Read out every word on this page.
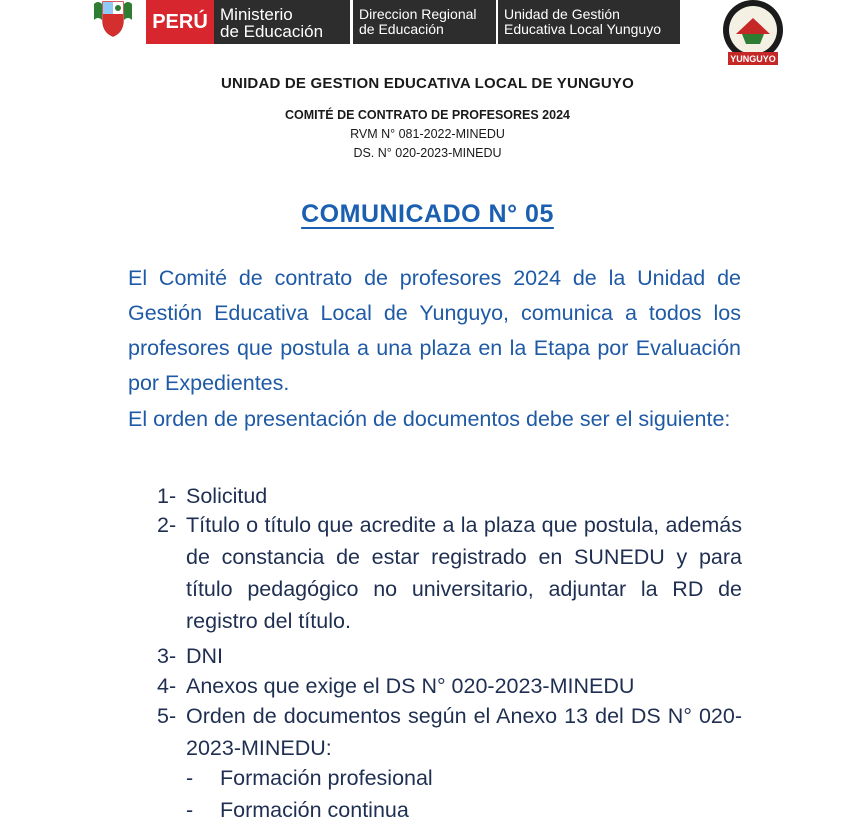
PERÚ Ministerio
de Educación
Direccion Regional
de Educación
Unidad de Gestión
Educativa Local Yunguyo
YUNGUYO
UNIDAD DE GESTION EDUCATIVA LOCAL DE YUNGUYO
COMITÉ DE CONTRATO DE PROFESORES 2024
RVM N° 081-2022-MINEDU
DS. N° 020-2023-MINEDU
COMUNICADO N° 05
El Comité de contrato de profesores 2024 de la Unidad de Gestión Educativa Local de Yunguyo, comunica a todos los profesores que postula a una plaza en la Etapa por Evaluación por Expedientes.
El orden de presentación de documentos debe ser el siguiente:
1- Solicitud
2- Título o título que acredite a la plaza que postula, además de constancia de estar registrado en SUNEDU y para título pedagógico no universitario, adjuntar la RD de registro del título.
3- DNI
4- Anexos que exige el DS N° 020-2023-MINEDU
5- Orden de documentos según el Anexo 13 del DS N° 020-2023-MINEDU:
-	Formación profesional
-	Formación continua
